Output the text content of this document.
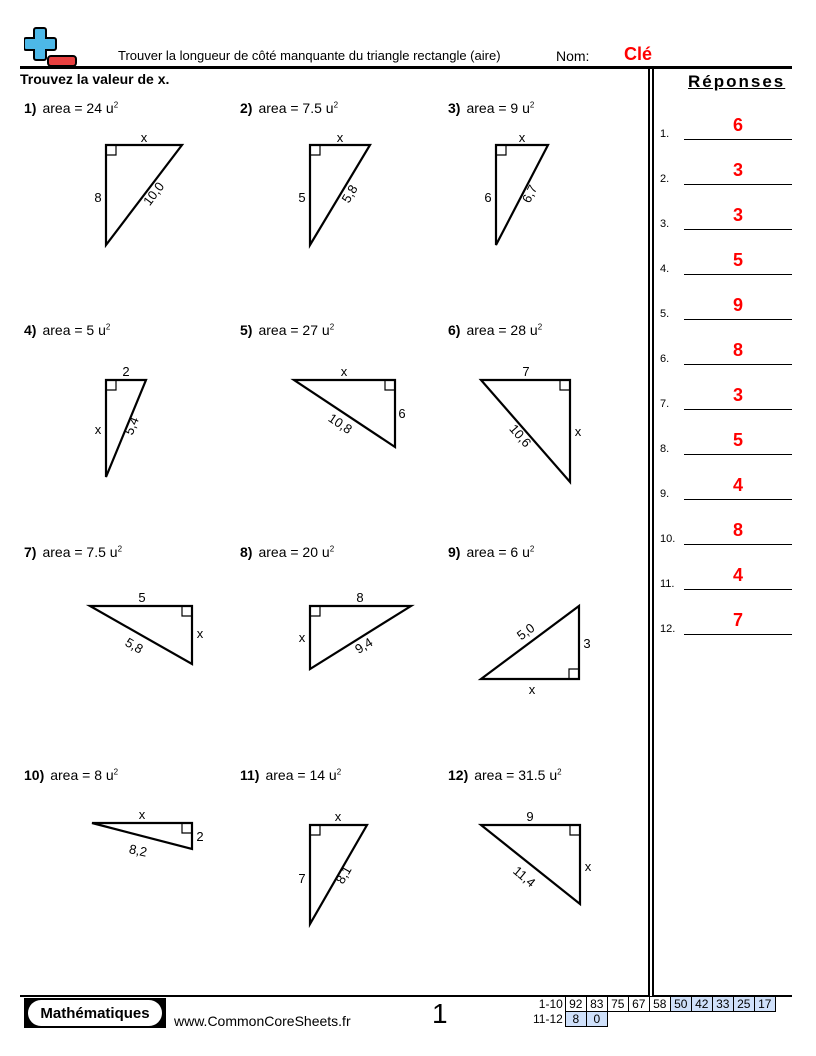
Trouver la longueur de côté manquante du triangle rectangle (aire)	Nom: Clé
Trouvez la valeur de x.	Réponses
1.	6
2.	3
3.	3
4.	5
5.	9
6.	8
7.	3
8.	5
9.	4
10.	8
11.	4
12.	7
1) area = 24 $u^2$
x
8	10,0
2) area = 7.5 $u^2$
x
5	5,8
3) area = 9 $u^2$
x
6 6,7
4) area = 5 $u^2$
2
x 5,4
5) area = 27 $u^2$
x
6
10,8
6) area = 28 $u^2$
7
x
10,6
7) area = 7.5 $u^2$
5
x
5,8
8) area = 20 $u^2$
8
x	9,4
9) area = 6 $u^2$
x
3
5,0
10) area = 8 $u^2$
x
2
8,2
11) area = 14 $u^2$
x
7 8,1
12) area = 31.5 $u^2$
9
x
11,4
Mathématiques	www.CommonCoreSheets.fr	1	1-10	92	83	75	67	58	50	42	33	25	17
11-12	8	0								
